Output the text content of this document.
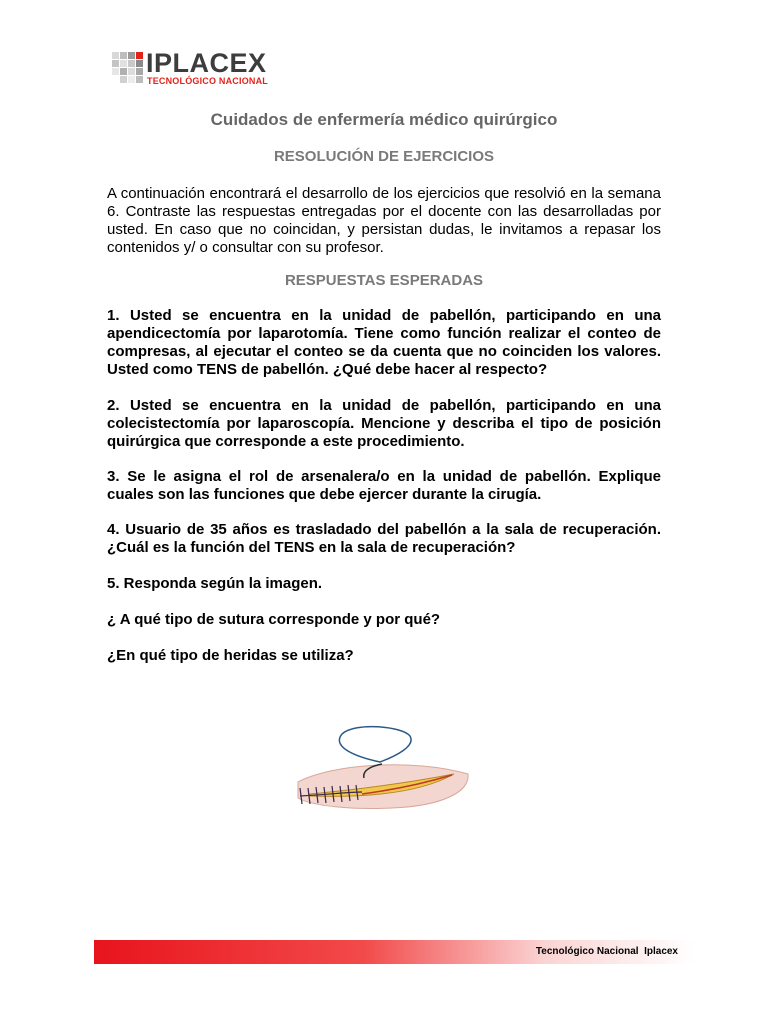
IPLACEX
TECNOLÓGICO NACIONAL
Cuidados de enfermería médico quirúrgico
RESOLUCIÓN DE EJERCICIOS

A continuación encontrará el desarrollo de los ejercicios que resolvió en la semana 6. Contraste las respuestas entregadas por el docente con las desarrolladas por usted. En caso que no coincidan, y persistan dudas, le invitamos a repasar los contenidos y/ o consultar con su profesor.

RESPUESTAS ESPERADAS

1. Usted se encuentra en la unidad de pabellón, participando en una apendicectomía por laparotomía. Tiene como función realizar el conteo de compresas, al ejecutar el conteo se da cuenta que no coinciden los valores. Usted como TENS de pabellón. ¿Qué debe hacer al respecto?

2. Usted se encuentra en la unidad de pabellón, participando en una colecistectomía por laparoscopía. Mencione y describa el tipo de posición quirúrgica que corresponde a este procedimiento.

3. Se le asigna el rol de arsenalera/o en la unidad de pabellón. Explique cuales son las funciones que debe ejercer durante la cirugía.

4. Usuario de 35 años es trasladado del pabellón a la sala de recuperación. ¿Cuál es la función del TENS en la sala de recuperación?

5. Responda según la imagen.

¿ A qué tipo de sutura corresponde y por qué?

¿En qué tipo de heridas se utiliza?

Tecnológico Nacional  Iplacex
